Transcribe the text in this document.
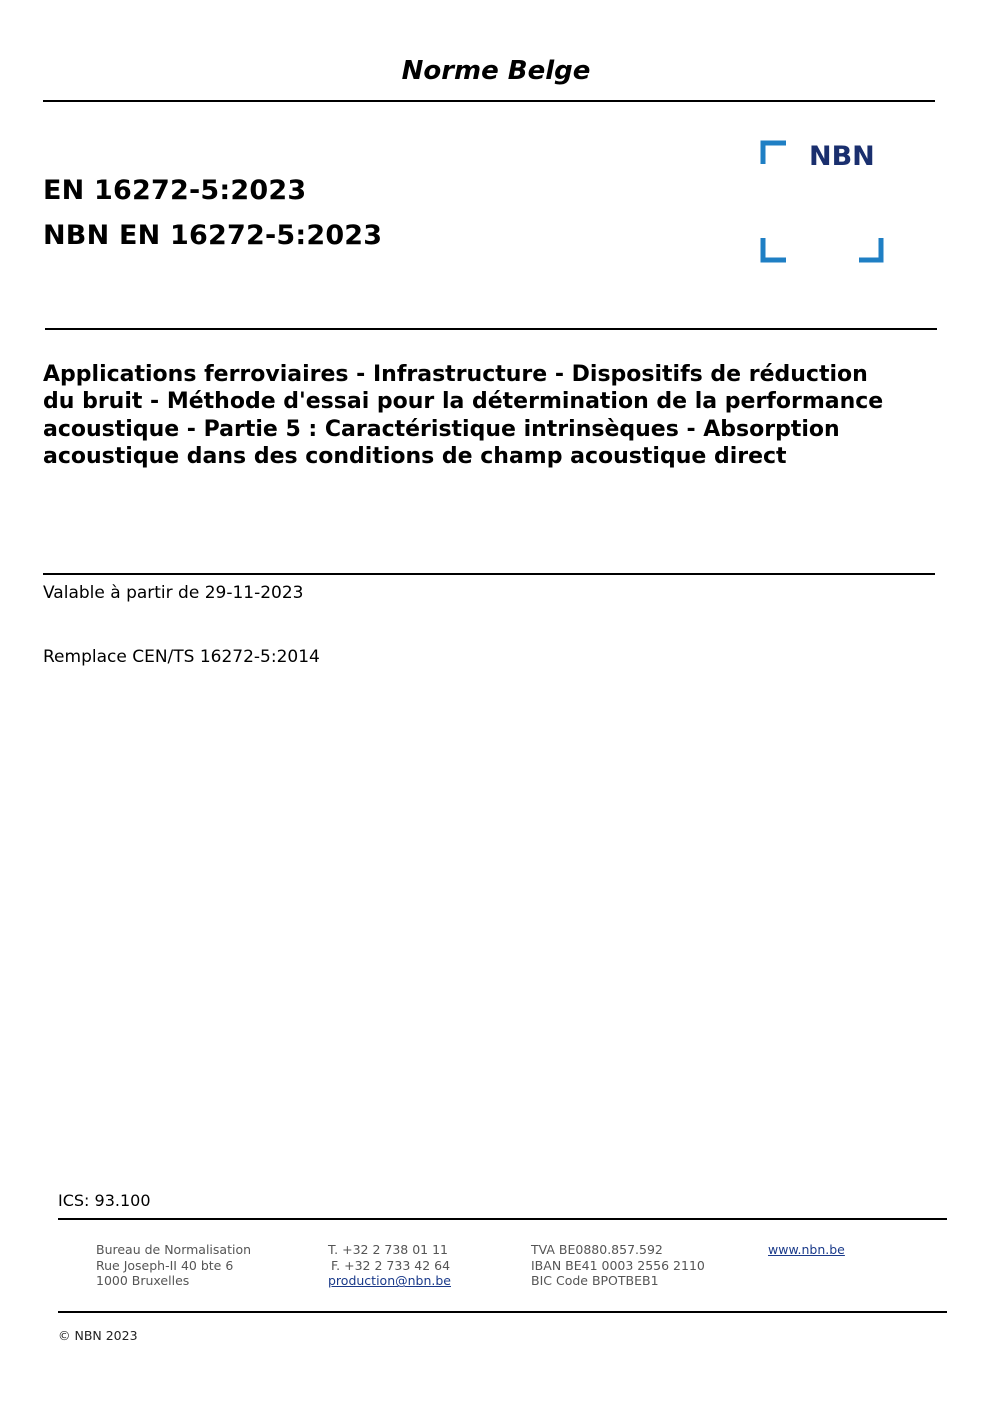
Norme Belge
EN 16272-5:2023
NBN EN 16272-5:2023
NBN
Applications ferroviaires - Infrastructure - Dispositifs de réduction du bruit - Méthode d'essai pour la détermination de la performance acoustique - Partie 5 : Caractéristique intrinsèques - Absorption acoustique dans des conditions de champ acoustique direct
Valable à partir de 29-11-2023
Remplace CEN/TS 16272-5:2014
ICS: 93.100
Bureau de Normalisation
Rue Joseph-II 40 bte 6
1000 Bruxelles
T. +32 2 738 01 11
F. +32 2 733 42 64
production@nbn.be
TVA BE0880.857.592
IBAN BE41 0003 2556 2110
BIC Code BPOTBEB1
www.nbn.be
© NBN 2023
